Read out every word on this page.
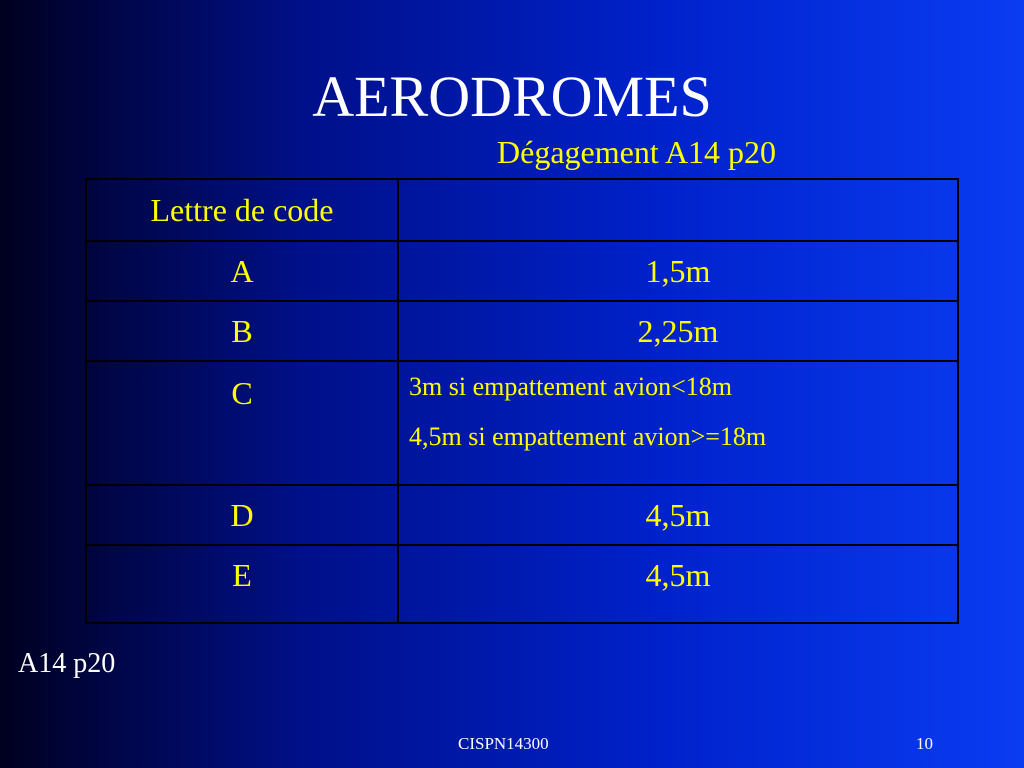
AERODROMES
Dégagement A14 p20
Lettre de code	
A	1,5m
B	2,25m
C	3m si empattement avion<18m
4,5m si empattement avion>=18m

D	4,5m
E	4,5m
A14 p20
CISPN14300	10
